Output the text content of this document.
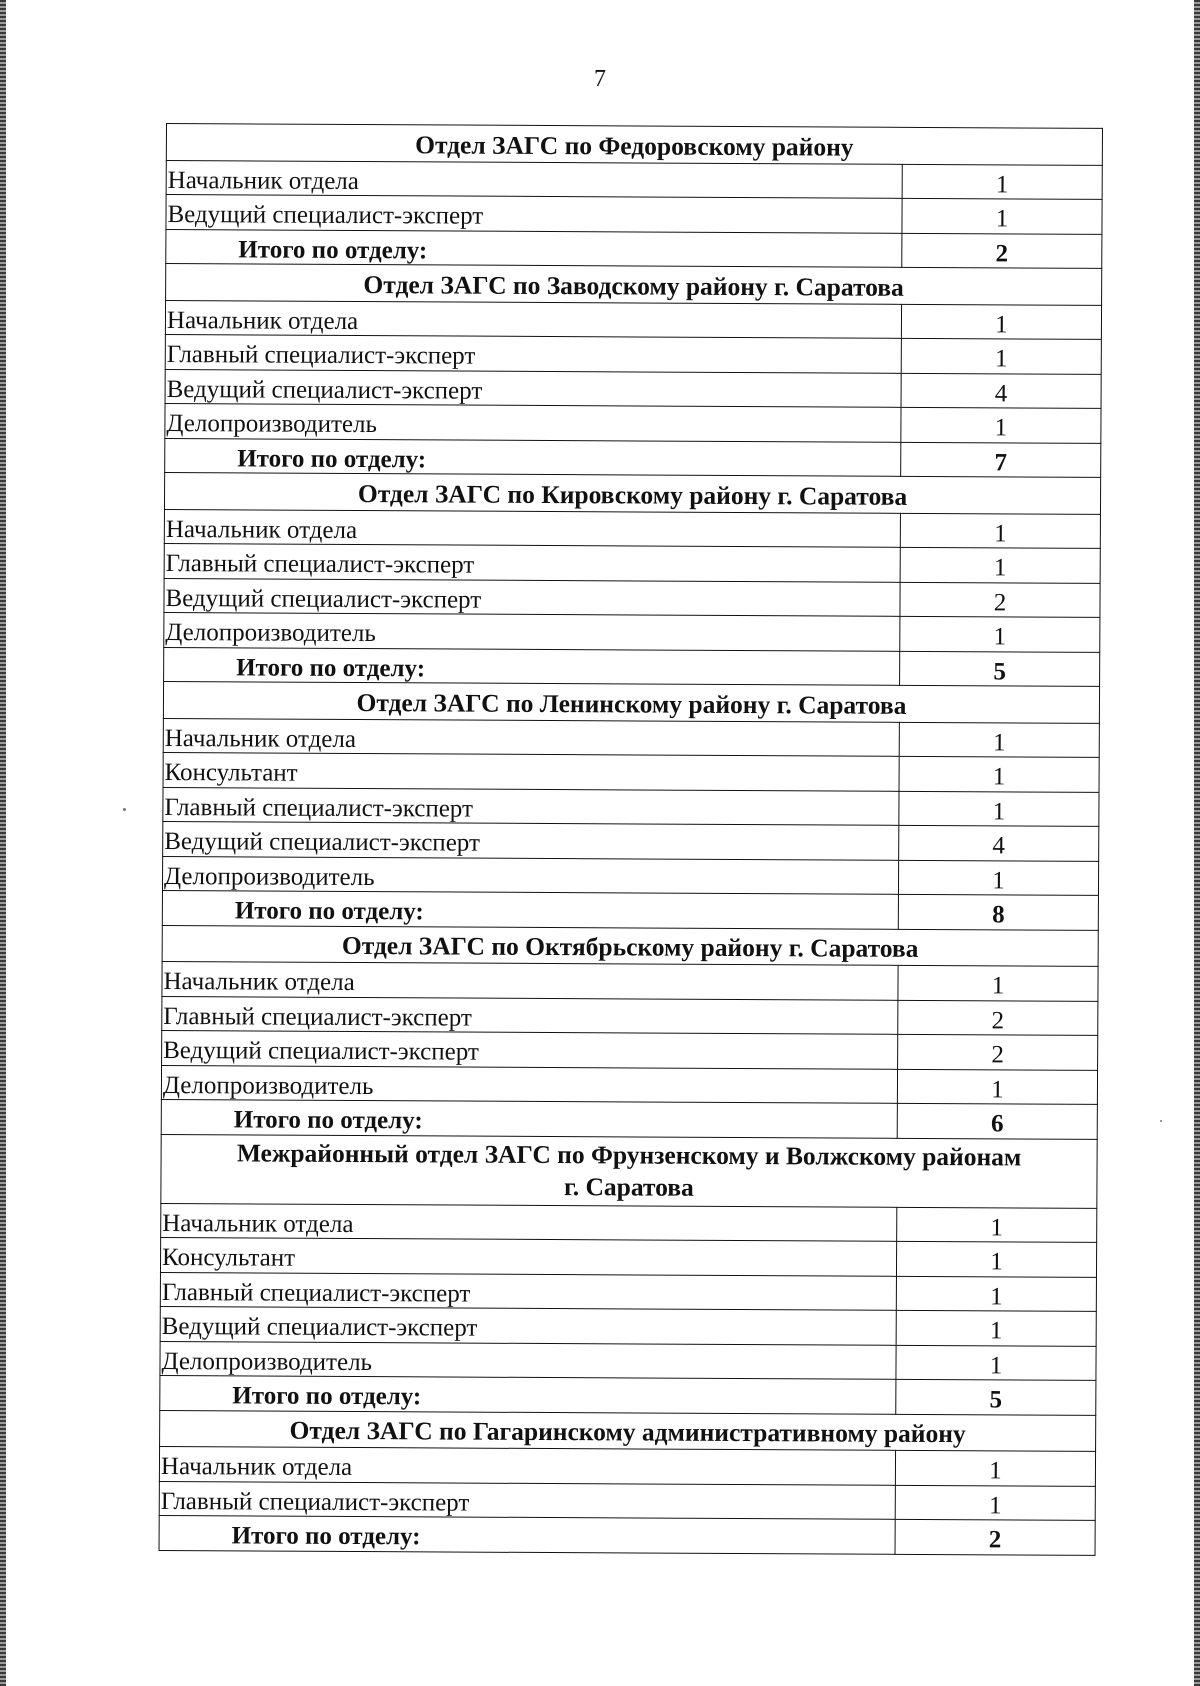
7
Отдел ЗАГС по Федоровскому району	
Начальник отдела	1
Ведущий специалист-эксперт	1
Итого по отделу:	2
Отдел ЗАГС по Заводскому району г. Саратова	
Начальник отдела	1
Главный специалист-эксперт	1
Ведущий специалист-эксперт	4
Делопроизводитель	1
Итого по отделу:	7
Отдел ЗАГС по Кировскому району г. Саратова	
Начальник отдела	1
Главный специалист-эксперт	1
Ведущий специалист-эксперт	2
Делопроизводитель	1
Итого по отделу:	5
Отдел ЗАГС по Ленинскому району г. Саратова	
Начальник отдела	1
Консультант	1
Главный специалист-эксперт	1
Ведущий специалист-эксперт	4
Делопроизводитель	1
Итого по отделу:	8
Отдел ЗАГС по Октябрьскому району г. Саратова	
Начальник отдела	1
Главный специалист-эксперт	2
Ведущий специалист-эксперт	2
Делопроизводитель	1
Итого по отделу:	6
Межрайонный отдел ЗАГС по Фрунзенскому и Волжскому районам
г. Саратова	
Начальник отдела	1
Консультант	1
Главный специалист-эксперт	1
Ведущий специалист-эксперт	1
Делопроизводитель	1
Итого по отделу:	5
Отдел ЗАГС по Гагаринскому административному району	
Начальник отдела	1
Главный специалист-эксперт	1
Итого по отделу:	2
